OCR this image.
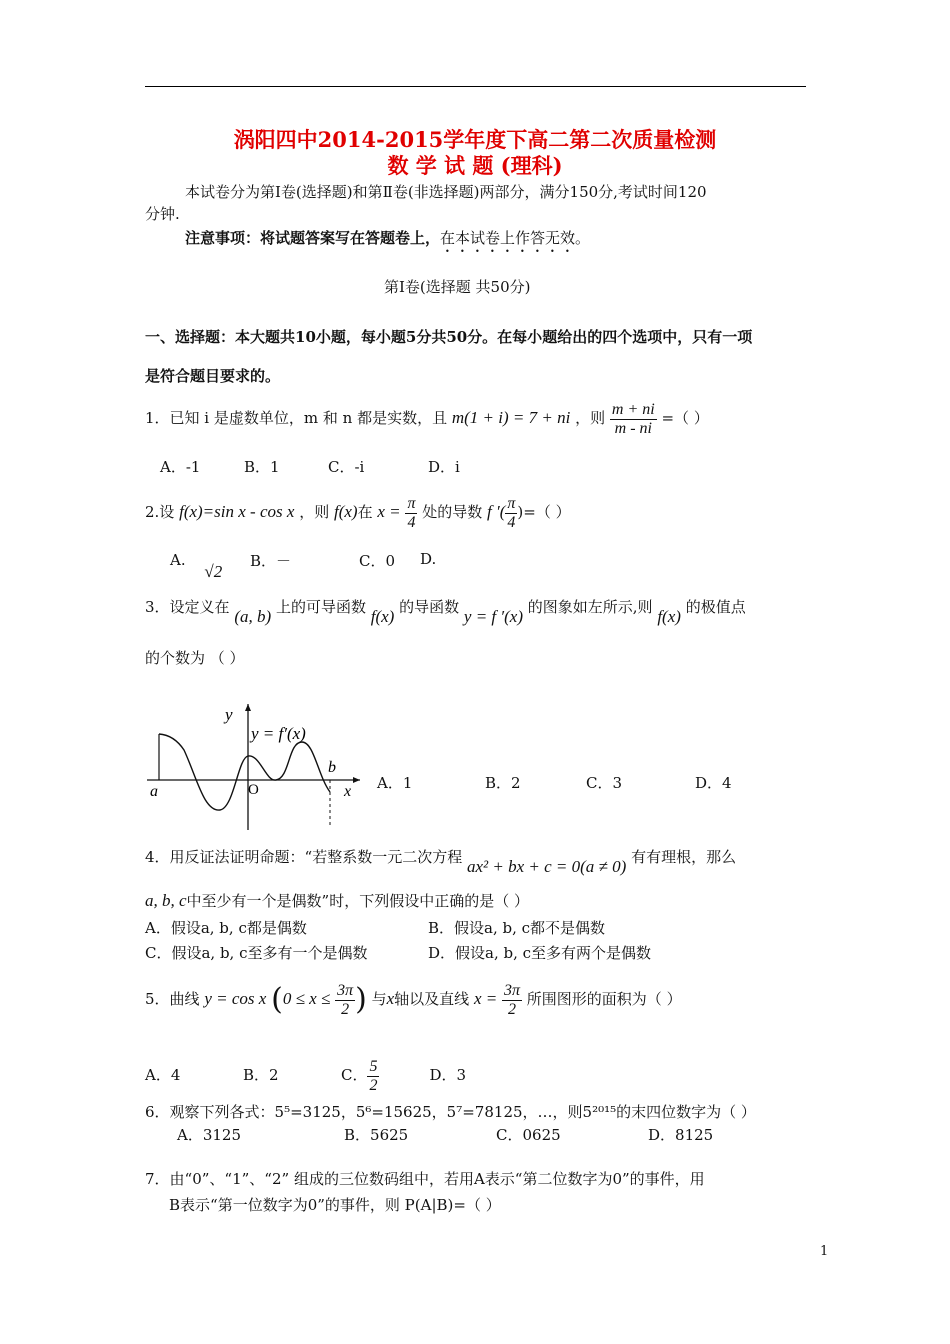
涡阳四中2014-2015学年度下高二第二次质量检测
数 学 试 题 (理科)
本试卷分为第Ⅰ卷(选择题)和第Ⅱ卷(非选择题)两部分，满分150分,考试时间120
分钟.
注意事项：将试题答案写在答题卷上，在本试卷上作答无效。
第Ⅰ卷(选择题 共50分)
一、选择题：本大题共10小题，每小题5分共50分。在每小题给出的四个选项中，只有一项
是符合题目要求的。
1．已知 i 是虚数单位，m 和 n 都是实数，且 m(1 + i) = 7 + ni ，则 $\frac{m + ni}{m - ni}$ =（ ）
A．-1	B．1	C．-i	D．i
2.设 f(x)=sin x - cos x ，则 f(x)在 $x = \frac{\pi}{4}$ 处的导数 f ′( $\frac{\pi}{4}$ )=（ ）
A. √2
B．－	C．0 D.
3．设定义在 (a, b) 上的可导函数 f(x) 的导函数 y = f ′(x) 的图象如左所示,则 f(x) 的极值点
的个数为 （ ）
y
y = f′(x)
a	O
b
x A．1	B．2	C．3	D．4
4．用反证法证明命题：“若整系数一元二次方程 ax² + bx + c = 0(a ≠ 0) 有有理根，那么
a, b, c中至少有一个是偶数”时，下列假设中正确的是（ ）
A．假设a, b, c都是偶数	B．假设a, b, c都不是偶数
C．假设a, b, c至多有一个是偶数	D．假设a, b, c至多有两个是偶数
5．曲线 y = cos x ($0 \le x \le \frac{3\pi}{2}$ ) 与x轴以及直线 $x = \frac{3\pi}{2}$ 所围图形的面积为（ ）
A．4	B．2	C． $\frac{5}{2}$	D．3
6．观察下列各式：5⁵=3125，5⁶=15625，5⁷=78125，…，则5²⁰¹⁵的末四位数字为（ ）
A．3125	B．5625	C．0625	D．8125
7．由“0”、“1”、“2” 组成的三位数码组中，若用A表示“第二位数字为0”的事件，用
B表示“第一位数字为0”的事件，则 P(A|B)=（ ）
1
